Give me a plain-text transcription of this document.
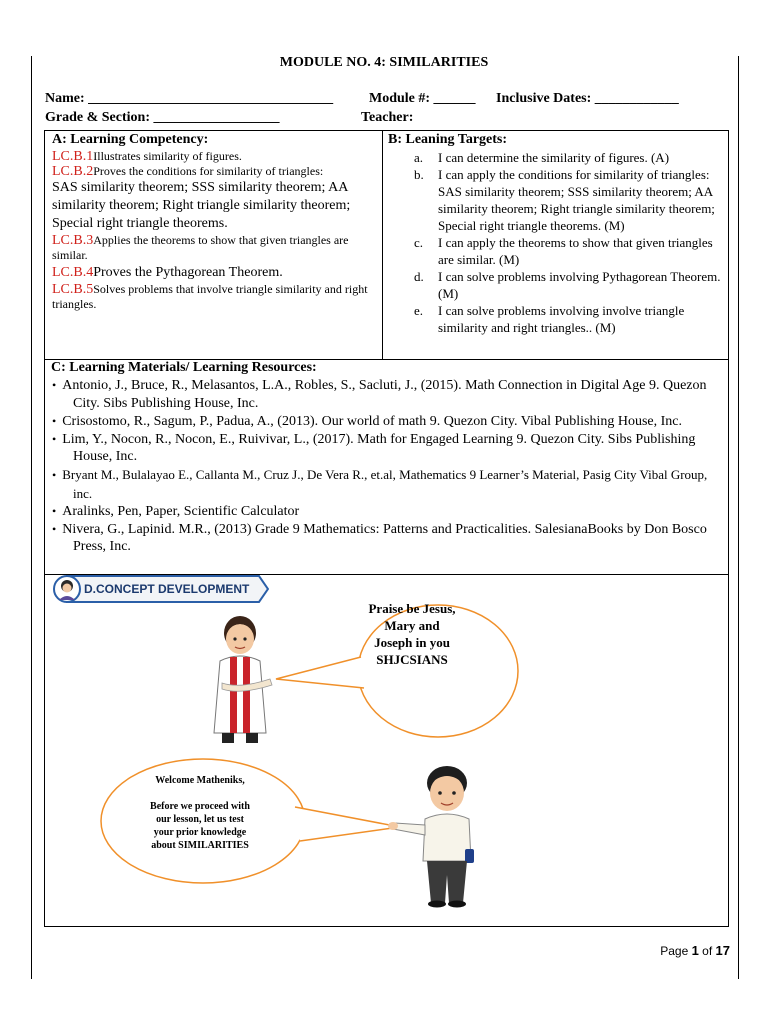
MODULE NO. 4: SIMILARITIES
Name: ___________________________________	Module #: ______ Inclusive Dates: ____________
Grade & Section: __________________	Teacher:
A: Learning Competency:

LC.B.1Illustrates similarity of figures.

LC.B.2Proves the conditions for similarity of triangles:

SAS similarity theorem; SSS similarity theorem; AA similarity theorem; Right triangle similarity theorem; Special right triangle theorems.

LC.B.3Applies the theorems to show that given triangles are similar.

LC.B.4Proves the Pythagorean Theorem.

LC.B.5Solves problems that involve triangle similarity and right triangles.

B: Leaning Targets:
a. I can determine the similarity of figures. (A)
b. I can apply the conditions for similarity of triangles: SAS similarity theorem; SSS similarity theorem; AA similarity theorem; Right triangle similarity theorem; Special right triangle theorems. (M)
c. I can apply the theorems to show that given triangles are similar. (M)
d. I can solve problems involving Pythagorean Theorem. (M)
e. I can solve problems involving involve triangle similarity and right triangles.. (M)
C: Learning Materials/ Learning Resources:

• Antonio, J., Bruce, R., Melasantos, L.A., Robles, S., Sacluti, J., (2015). Math Connection in Digital Age 9. Quezon City. Sibs Publishing House, Inc.

• Crisostomo, R., Sagum, P., Padua, A., (2013). Our world of math 9. Quezon City. Vibal Publishing House, Inc.

• Lim, Y., Nocon, R., Nocon, E., Ruivivar, L., (2017). Math for Engaged Learning 9. Quezon City. Sibs Publishing House, Inc.

• Bryant M., Bulalayao E., Callanta M., Cruz J., De Vera R., et.al, Mathematics 9 Learner’s Material, Pasig City Vibal Group, inc.

• Aralinks, Pen, Paper, Scientific Calculator

• Nivera, G., Lapinid. M.R., (2013) Grade 9 Mathematics: Patterns and Practicalities. SalesianaBooks by Don Bosco Press, Inc.

D.CONCEPT DEVELOPMENT
Praise be Jesus,
Mary and
Joseph in you
SHJCSIANS
Welcome Matheniks,
Before we proceed with
our lesson, let us test
your prior knowledge
about SIMILARITIES
Page 1 of 17
